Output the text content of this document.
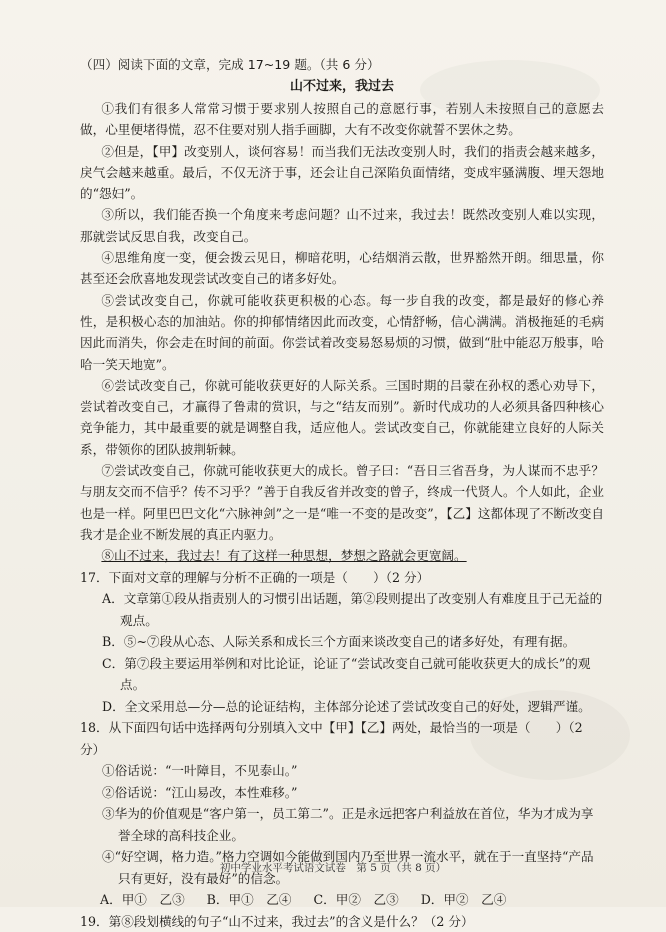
（四）阅读下面的文章，完成 17~19 题。（共 6 分）
山不过来，我过去
①我们有很多人常常习惯于要求别人按照自己的意愿行事，若别人未按照自己的意愿去做，心里便堵得慌，忍不住要对别人指手画脚，大有不改变你就誓不罢休之势。
②但是，【甲】改变别人，谈何容易！而当我们无法改变别人时，我们的指责会越来越多，戾气会越来越重。最后，不仅无济于事，还会让自己深陷负面情绪，变成牢骚满腹、埋天怨地的“怨妇”。
③所以，我们能否换一个角度来考虑问题？山不过来，我过去！既然改变别人难以实现，那就尝试反思自我，改变自己。
④思维角度一变，便会拨云见日，柳暗花明，心结烟消云散，世界豁然开朗。细思量，你甚至还会欣喜地发现尝试改变自己的诸多好处。
⑤尝试改变自己，你就可能收获更积极的心态。每一步自我的改变，都是最好的修心养性，是积极心态的加油站。你的抑郁情绪因此而改变，心情舒畅，信心满满。消极拖延的毛病因此而消失，你会走在时间的前面。你尝试着改变易怒易烦的习惯，做到“肚中能忍万般事，哈哈一笑天地宽”。
⑥尝试改变自己，你就可能收获更好的人际关系。三国时期的吕蒙在孙权的悉心劝导下，尝试着改变自己，才赢得了鲁肃的赏识，与之“结友而别”。新时代成功的人必须具备四种核心竞争能力，其中最重要的就是调整自我，适应他人。尝试改变自己，你就能建立良好的人际关系，带领你的团队披荆斩棘。
⑦尝试改变自己，你就可能收获更大的成长。曾子曰：“吾日三省吾身，为人谋而不忠乎？与朋友交而不信乎？传不习乎？”善于自我反省并改变的曾子，终成一代贤人。个人如此，企业也是一样。阿里巴巴文化“六脉神剑”之一是“唯一不变的是改变”，【乙】这都体现了不断改变自我才是企业不断发展的真正内驱力。
⑧山不过来，我过去！有了这样一种思想，梦想之路就会更宽阔。
17．下面对文章的理解与分析不正确的一项是（　　）（2 分）
A．文章第①段从指责别人的习惯引出话题，第②段则提出了改变别人有难度且于己无益的观点。
B．⑤~⑦段从心态、人际关系和成长三个方面来谈改变自己的诸多好处，有理有据。
C．第⑦段主要运用举例和对比论证，论证了“尝试改变自己就可能收获更大的成长”的观点。
D．全文采用总—分—总的论证结构，主体部分论述了尝试改变自己的好处，逻辑严谨。
18．从下面四句话中选择两句分别填入文中【甲】【乙】两处，最恰当的一项是（　　）（2 分）
①俗话说：“一叶障目，不见泰山。”
②俗话说：“江山易改，本性难移。”
③华为的价值观是“客户第一，员工第二”。正是永远把客户利益放在首位，华为才成为享誉全球的高科技企业。
④“好空调，格力造。”格力空调如今能做到国内乃至世界一流水平，就在于一直坚持“产品只有更好，没有最好”的信念。
A．甲①　乙③ B．甲①　乙④ C．甲②　乙③ D．甲②　乙④
19．第⑧段划横线的句子“山不过来，我过去”的含义是什么？（2 分）
初中学业水平考试语文试卷　第 5 页（共 8 页）
